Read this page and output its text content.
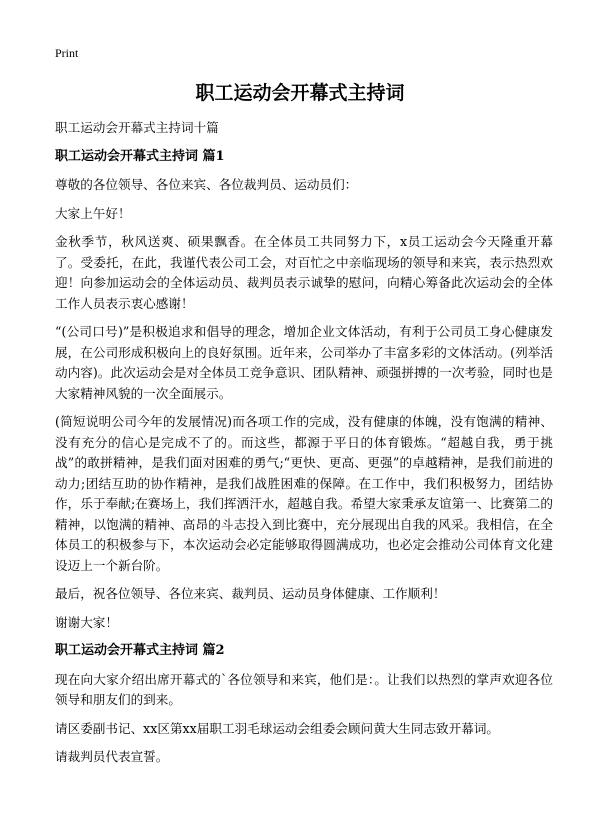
Print
职工运动会开幕式主持词

职工运动会开幕式主持词十篇

职工运动会开幕式主持词 篇1

尊敬的各位领导、各位来宾、各位裁判员、运动员们：

大家上午好！

金秋季节，秋风送爽、硕果飘香。在全体员工共同努力下，x员工运动会今天隆重开幕了。受委托，在此，我谨代表公司工会，对百忙之中亲临现场的领导和来宾，表示热烈欢迎！向参加运动会的全体运动员、裁判员表示诚挚的慰问，向精心筹备此次运动会的全体工作人员表示衷心感谢！

“(公司口号)”是积极追求和倡导的理念，增加企业文体活动，有利于公司员工身心健康发展，在公司形成积极向上的良好氛围。近年来，公司举办了丰富多彩的文体活动。(列举活动内容)。此次运动会是对全体员工竞争意识、团队精神、顽强拼搏的一次考验，同时也是大家精神风貌的一次全面展示。

(简短说明公司今年的发展情况)而各项工作的完成，没有健康的体魄，没有饱满的精神、没有充分的信心是完成不了的。而这些，都源于平日的体育锻炼。“超越自我，勇于挑战”的敢拼精神，是我们面对困难的勇气;“更快、更高、更强”的卓越精神，是我们前进的动力;团结互助的协作精神，是我们战胜困难的保障。在工作中，我们积极努力，团结协作，乐于奉献;在赛场上，我们挥洒汗水，超越自我。希望大家秉承友谊第一、比赛第二的精神，以饱满的精神、高昂的斗志投入到比赛中，充分展现出自我的风采。我相信，在全体员工的积极参与下，本次运动会必定能够取得圆满成功，也必定会推动公司体育文化建设迈上一个新台阶。

最后，祝各位领导、各位来宾、裁判员、运动员身体健康、工作顺利！

谢谢大家！

职工运动会开幕式主持词 篇2

现在向大家介绍出席开幕式的`各位领导和来宾，他们是：。让我们以热烈的掌声欢迎各位领导和朋友们的到来。

请区委副书记、xx区第xx届职工羽毛球运动会组委会顾问黄大生同志致开幕词。

请裁判员代表宣誓。
